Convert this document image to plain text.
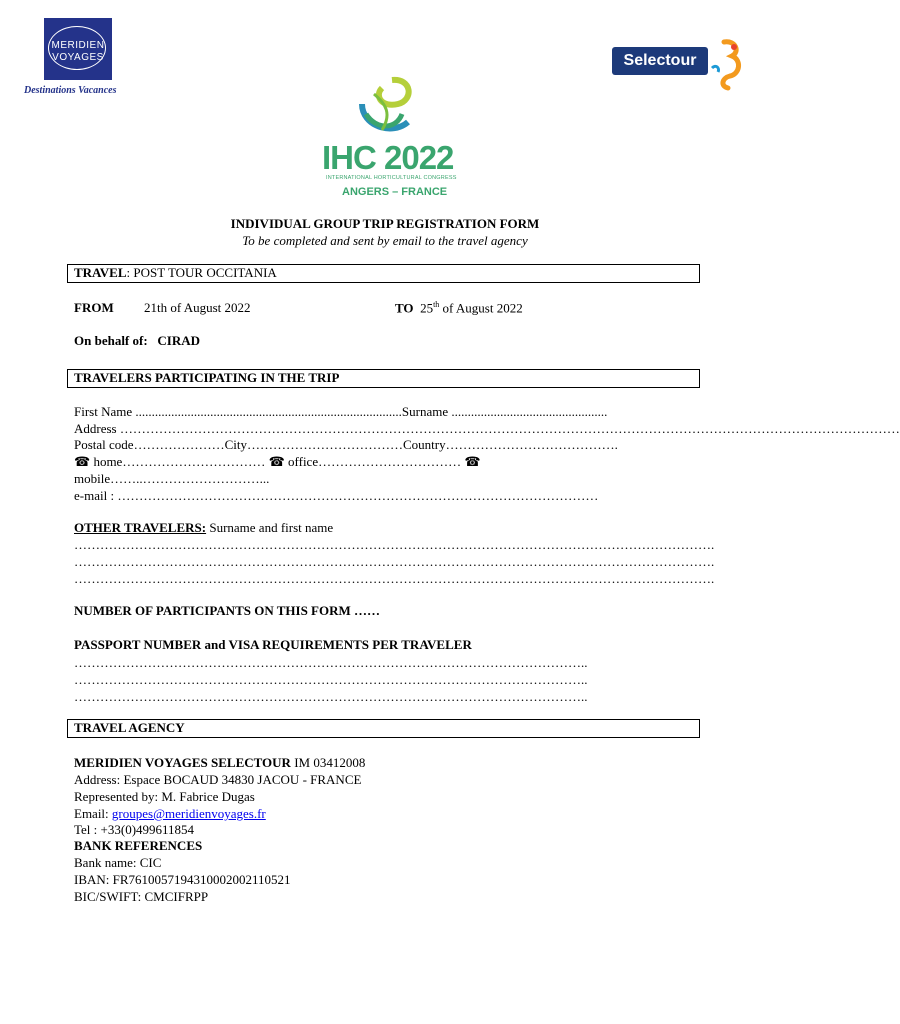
MERIDIEN
VOYAGES
Destinations Vacances
Selectour
IHC 2022
INTERNATIONAL HORTICULTURAL CONGRESS
ANGERS – FRANCE
INDIVIDUAL GROUP TRIP REGISTRATION FORM
To be completed and sent by email to the travel agency
TRAVEL: POST TOUR OCCITANIA
FROM 21th of August 2022	TO 25th of August 2022
On behalf of: CIRAD
TRAVELERS PARTICIPATING IN THE TRIP
First Name ..................................................................................Surname ................................................
Address ………………………………………………………………………………………………………………………………………………………………
Postal code…………………City………………………………Country………………………………….
☎ home…………………………… ☎ office…………………………… ☎
mobile……..………………………...
e-mail : …………………………………………………………………………………………………
OTHER TRAVELERS: Surname and first name
………………………………………………………………………………………………………………………………….
………………………………………………………………………………………………………………………………….
………………………………………………………………………………………………………………………………….
NUMBER OF PARTICIPANTS ON THIS FORM ……
PASSPORT NUMBER and VISA REQUIREMENTS PER TRAVELER
………………………………………………………………………………………………………..
………………………………………………………………………………………………………..
………………………………………………………………………………………………………..
TRAVEL AGENCY
MERIDIEN VOYAGES SELECTOUR IM 03412008
Address: Espace BOCAUD 34830 JACOU - FRANCE
Represented by: M. Fabrice Dugas
Email: groupes@meridienvoyages.fr
Tel : +33(0)499611854
BANK REFERENCES
Bank name: CIC
IBAN: FR7610057194310002002110521
BIC/SWIFT: CMCIFRPP
